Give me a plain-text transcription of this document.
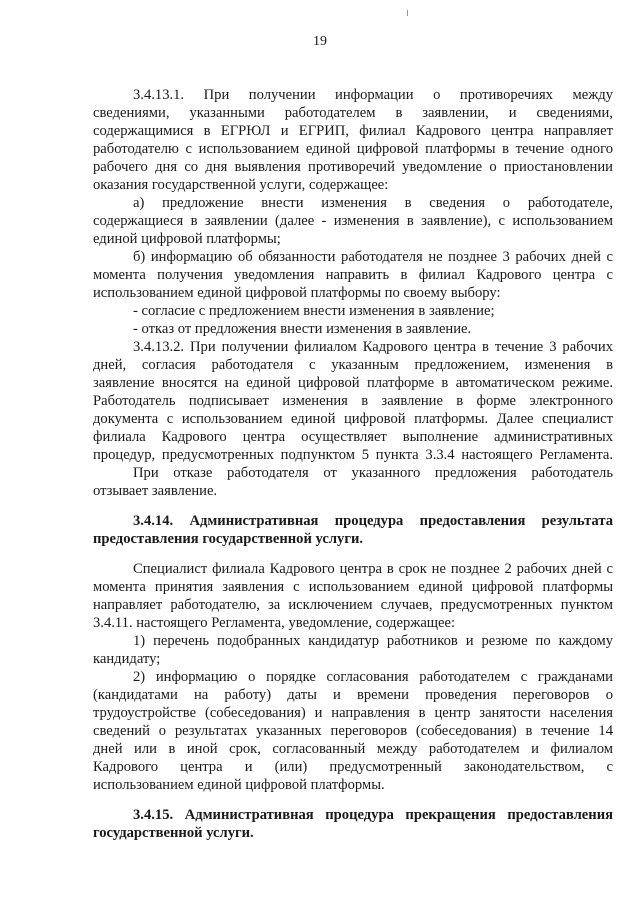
19
3.4.13.1. При получении информации о противоречиях между
сведениями, указанными работодателем в заявлении, и сведениями,
содержащимися в ЕГРЮЛ и ЕГРИП, филиал Кадрового центра направляет
работодателю с использованием единой цифровой платформы в течение одного
рабочего дня со дня выявления противоречий уведомление о приостановлении
оказания государственной услуги, содержащее:
а) предложение внести изменения в сведения о работодателе,
содержащиеся в заявлении (далее - изменения в заявление), с использованием
единой цифровой платформы;
б) информацию об обязанности работодателя не позднее 3 рабочих дней с
момента получения уведомления направить в филиал Кадрового центра с
использованием единой цифровой платформы по своему выбору:
- согласие с предложением внести изменения в заявление;
- отказ от предложения внести изменения в заявление.
3.4.13.2. При получении филиалом Кадрового центра в течение 3 рабочих
дней, согласия работодателя с указанным предложением, изменения в
заявление вносятся на единой цифровой платформе в автоматическом режиме.
Работодатель подписывает изменения в заявление в форме электронного
документа с использованием единой цифровой платформы. Далее специалист
филиала Кадрового центра осуществляет выполнение административных
процедур, предусмотренных подпунктом 5 пункта 3.3.4 настоящего Регламента.
При отказе работодателя от указанного предложения работодатель
отзывает заявление.
3.4.14. Административная процедура предоставления результата
предоставления государственной услуги.
Специалист филиала Кадрового центра в срок не позднее 2 рабочих дней с
момента принятия заявления с использованием единой цифровой платформы
направляет работодателю, за исключением случаев, предусмотренных пунктом
3.4.11. настоящего Регламента, уведомление, содержащее:
1) перечень подобранных кандидатур работников и резюме по каждому
кандидату;
2) информацию о порядке согласования работодателем с гражданами
(кандидатами на работу) даты и времени проведения переговоров о
трудоустройстве (собеседования) и направления в центр занятости населения
сведений о результатах указанных переговоров (собеседования) в течение 14
дней или в иной срок, согласованный между работодателем и филиалом
Кадрового центра и (или) предусмотренный законодательством, с
использованием единой цифровой платформы.
3.4.15. Административная процедура прекращения предоставления
государственной услуги.
